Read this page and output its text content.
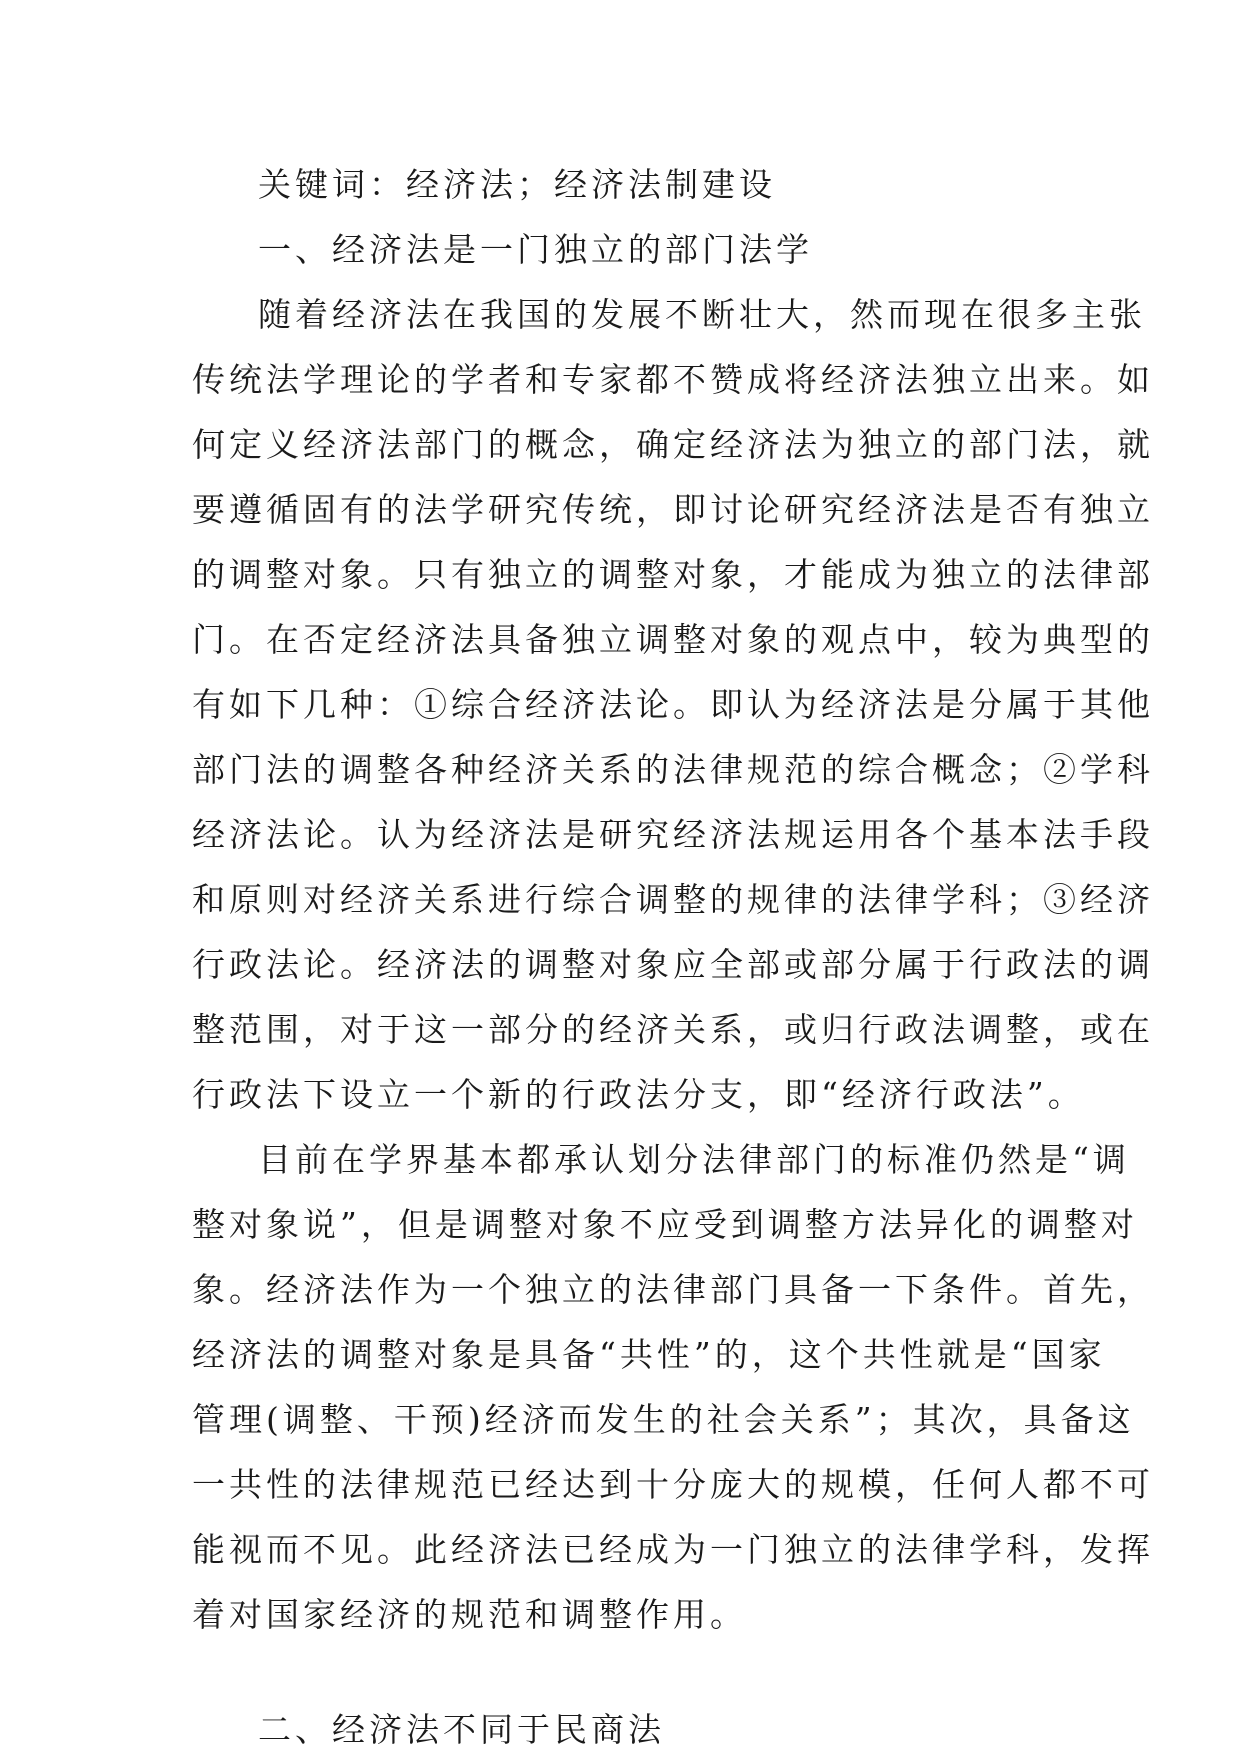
关键词：经济法；经济法制建设
一、经济法是一门独立的部门法学
随着经济法在我国的发展不断壮大，然而现在很多主张
传统法学理论的学者和专家都不赞成将经济法独立出来。如
何定义经济法部门的概念，确定经济法为独立的部门法，就
要遵循固有的法学研究传统，即讨论研究经济法是否有独立
的调整对象。只有独立的调整对象，才能成为独立的法律部
门。在否定经济法具备独立调整对象的观点中，较为典型的
有如下几种：①综合经济法论。即认为经济法是分属于其他
部门法的调整各种经济关系的法律规范的综合概念；②学科
经济法论。认为经济法是研究经济法规运用各个基本法手段
和原则对经济关系进行综合调整的规律的法律学科；③经济
行政法论。经济法的调整对象应全部或部分属于行政法的调
整范围，对于这一部分的经济关系，或归行政法调整，或在
行政法下设立一个新的行政法分支，即“经济行政法”。
目前在学界基本都承认划分法律部门的标准仍然是“调
整对象说”，但是调整对象不应受到调整方法异化的调整对
象。经济法作为一个独立的法律部门具备一下条件。首先，
经济法的调整对象是具备“共性”的，这个共性就是“国家
管理(调整、干预)经济而发生的社会关系”；其次，具备这
一共性的法律规范已经达到十分庞大的规模，任何人都不可
能视而不见。此经济法已经成为一门独立的法律学科，发挥
着对国家经济的规范和调整作用。
二、经济法不同于民商法
